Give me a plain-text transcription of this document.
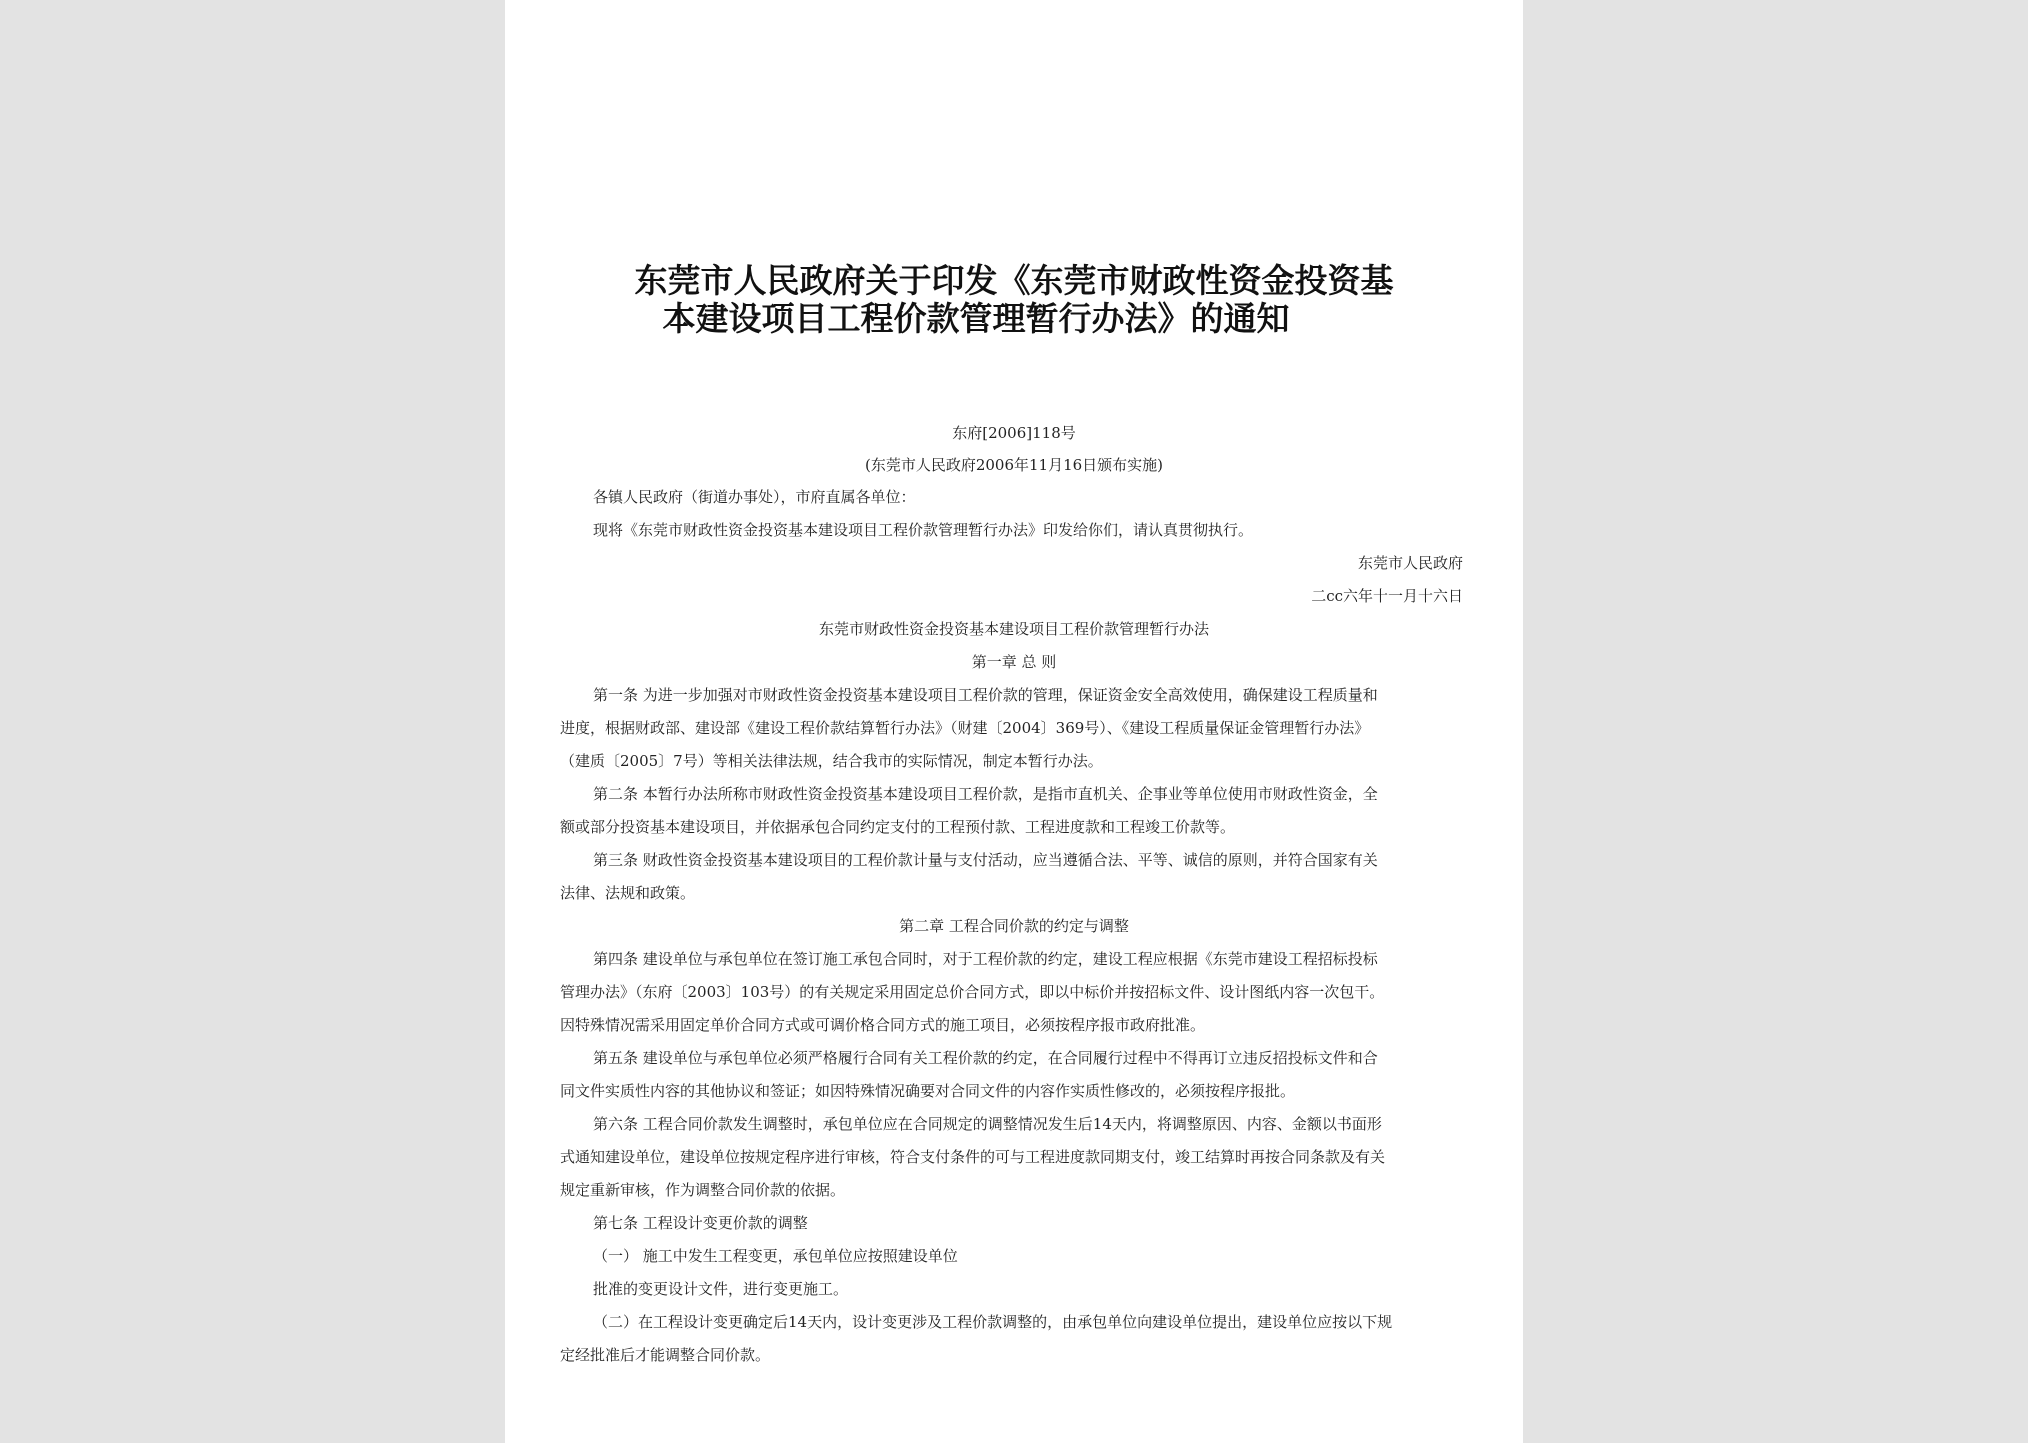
东莞市人民政府关于印发《东莞市财政性资金投资基
本建设项目工程价款管理暂行办法》的通知
东府[2006]118号
(东莞市人民政府2006年11月16日颁布实施)
各镇人民政府（街道办事处），市府直属各单位：
现将《东莞市财政性资金投资基本建设项目工程价款管理暂行办法》印发给你们，请认真贯彻执行。
东莞市人民政府
二cc六年十一月十六日
东莞市财政性资金投资基本建设项目工程价款管理暂行办法
第一章 总 则
第一条 为进一步加强对市财政性资金投资基本建设项目工程价款的管理，保证资金安全高效使用，确保建设工程质量和
进度，根据财政部、建设部《建设工程价款结算暂行办法》（财建〔2004〕369号）、《建设工程质量保证金管理暂行办法》
（建质〔2005〕7号）等相关法律法规，结合我市的实际情况，制定本暂行办法。
第二条 本暂行办法所称市财政性资金投资基本建设项目工程价款，是指市直机关、企事业等单位使用市财政性资金，全
额或部分投资基本建设项目，并依据承包合同约定支付的工程预付款、工程进度款和工程竣工价款等。
第三条 财政性资金投资基本建设项目的工程价款计量与支付活动，应当遵循合法、平等、诚信的原则，并符合国家有关
法律、法规和政策。
第二章 工程合同价款的约定与调整
第四条 建设单位与承包单位在签订施工承包合同时，对于工程价款的约定，建设工程应根据《东莞市建设工程招标投标
管理办法》（东府〔2003〕103号）的有关规定采用固定总价合同方式，即以中标价并按招标文件、设计图纸内容一次包干。
因特殊情况需采用固定单价合同方式或可调价格合同方式的施工项目，必须按程序报市政府批准。
第五条 建设单位与承包单位必须严格履行合同有关工程价款的约定，在合同履行过程中不得再订立违反招投标文件和合
同文件实质性内容的其他协议和签证；如因特殊情况确要对合同文件的内容作实质性修改的，必须按程序报批。
第六条 工程合同价款发生调整时，承包单位应在合同规定的调整情况发生后14天内，将调整原因、内容、金额以书面形
式通知建设单位，建设单位按规定程序进行审核，符合支付条件的可与工程进度款同期支付，竣工结算时再按合同条款及有关
规定重新审核，作为调整合同价款的依据。
第七条 工程设计变更价款的调整
（一） 施工中发生工程变更，承包单位应按照建设单位
批准的变更设计文件，进行变更施工。
（二）在工程设计变更确定后14天内，设计变更涉及工程价款调整的，由承包单位向建设单位提出，建设单位应按以下规
定经批准后才能调整合同价款。
